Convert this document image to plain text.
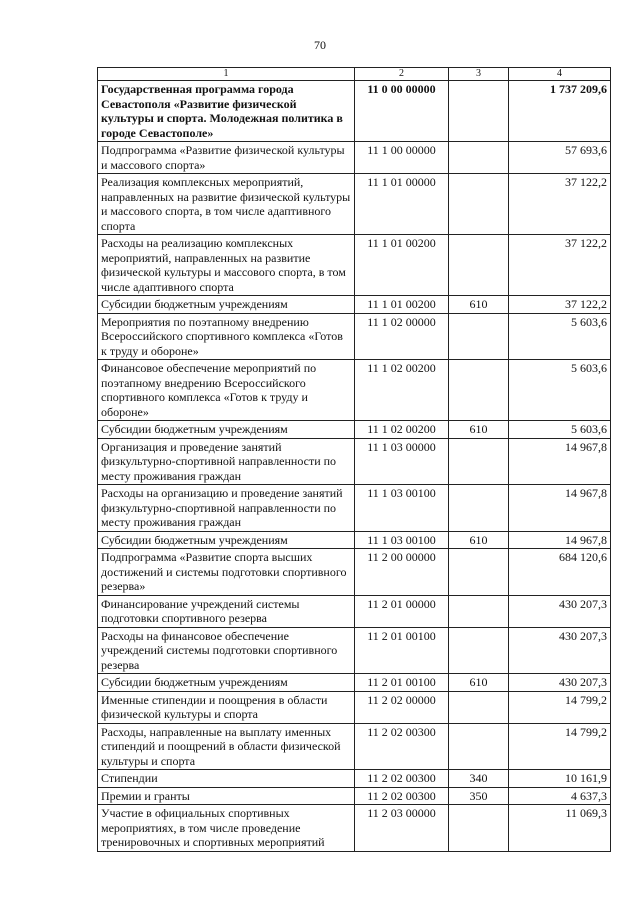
70
1	2	3	4
Государственная программа города Севастополя «Развитие физической культуры и спорта. Молодежная политика в городе Севастополе»	11 0 00 00000		1 737 209,6
Подпрограмма «Развитие физической культуры и массового спорта»	11 1 00 00000		57 693,6
Реализация комплексных мероприятий, направленных на развитие физической культуры и массового спорта, в том числе адаптивного спорта	11 1 01 00000		37 122,2
Расходы на реализацию комплексных мероприятий, направленных на развитие физической культуры и массового спорта, в том числе адаптивного спорта	11 1 01 00200		37 122,2
Субсидии бюджетным учреждениям	11 1 01 00200	610	37 122,2
Мероприятия по поэтапному внедрению Всероссийского спортивного комплекса «Готов к труду и обороне»	11 1 02 00000		5 603,6
Финансовое обеспечение мероприятий по поэтапному внедрению Всероссийского спортивного комплекса «Готов к труду и обороне»	11 1 02 00200		5 603,6
Субсидии бюджетным учреждениям	11 1 02 00200	610	5 603,6
Организация и проведение занятий физкультурно-спортивной направленности по месту проживания граждан	11 1 03 00000		14 967,8
Расходы на организацию и проведение занятий физкультурно-спортивной направленности по месту проживания граждан	11 1 03 00100		14 967,8
Субсидии бюджетным учреждениям	11 1 03 00100	610	14 967,8
Подпрограмма «Развитие спорта высших достижений и системы подготовки спортивного резерва»	11 2 00 00000		684 120,6
Финансирование учреждений системы подготовки спортивного резерва	11 2 01 00000		430 207,3
Расходы на финансовое обеспечение учреждений системы подготовки спортивного резерва	11 2 01 00100		430 207,3
Субсидии бюджетным учреждениям	11 2 01 00100	610	430 207,3
Именные стипендии и поощрения в области физической культуры и спорта	11 2 02 00000		14 799,2
Расходы, направленные на выплату именных стипендий и поощрений в области физической культуры и спорта	11 2 02 00300		14 799,2
Стипендии	11 2 02 00300	340	10 161,9
Премии и гранты	11 2 02 00300	350	4 637,3
Участие в официальных спортивных мероприятиях, в том числе проведение тренировочных и спортивных мероприятий	11 2 03 00000		11 069,3
